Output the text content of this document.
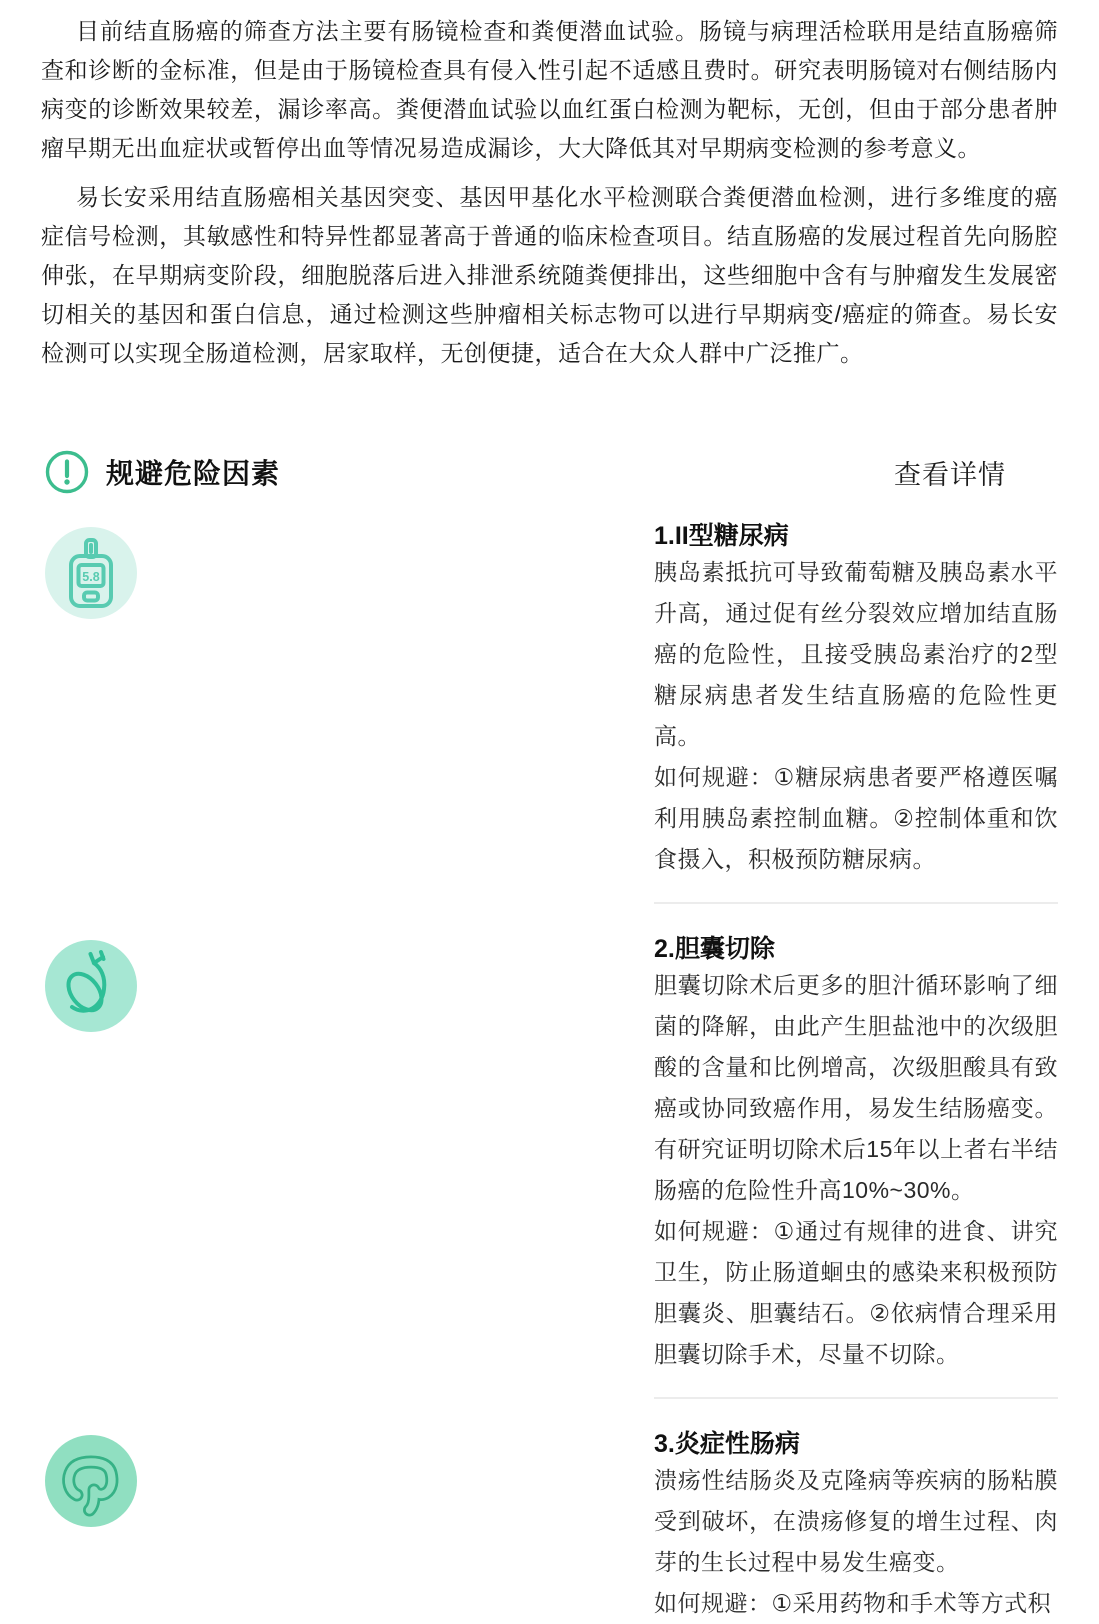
目前结直肠癌的筛查方法主要有肠镜检查和粪便潜血试验。肠镜与病理活检联用是结直肠癌筛查和诊断的金标准，但是由于肠镜检查具有侵入性引起不适感且费时。研究表明肠镜对右侧结肠内病变的诊断效果较差，漏诊率高。粪便潜血试验以血红蛋白检测为靶标，无创，但由于部分患者肿瘤早期无出血症状或暂停出血等情况易造成漏诊，大大降低其对早期病变检测的参考意义。

易长安采用结直肠癌相关基因突变、基因甲基化水平检测联合粪便潜血检测，进行多维度的癌症信号检测，其敏感性和特异性都显著高于普通的临床检查项目。结直肠癌的发展过程首先向肠腔伸张，在早期病变阶段，细胞脱落后进入排泄系统随粪便排出，这些细胞中含有与肿瘤发生发展密切相关的基因和蛋白信息，通过检测这些肿瘤相关标志物可以进行早期病变/癌症的筛查。易长安检测可以实现全肠道检测，居家取样，无创便捷，适合在大众人群中广泛推广。

规避危险因素	查看详情
5.8
1.II型糖尿病

胰岛素抵抗可导致葡萄糖及胰岛素水平升高，通过促有丝分裂效应增加结直肠癌的危险性，且接受胰岛素治疗的2型糖尿病患者发生结直肠癌的危险性更高。

如何规避：①糖尿病患者要严格遵医嘱利用胰岛素控制血糖。②控制体重和饮食摄入，积极预防糖尿病。

2.胆囊切除

胆囊切除术后更多的胆汁循环影响了细菌的降解，由此产生胆盐池中的次级胆酸的含量和比例增高，次级胆酸具有致癌或协同致癌作用，易发生结肠癌变。有研究证明切除术后15年以上者右半结肠癌的危险性升高10%~30%。

如何规避：①通过有规律的进食、讲究卫生，防止肠道蛔虫的感染来积极预防胆囊炎、胆囊结石。②依病情合理采用胆囊切除手术，尽量不切除。

3.炎症性肠病

溃疡性结肠炎及克隆病等疾病的肠粘膜受到破坏，在溃疡修复的增生过程、肉芽的生长过程中易发生癌变。

如何规避：①采用药物和手术等方式积
